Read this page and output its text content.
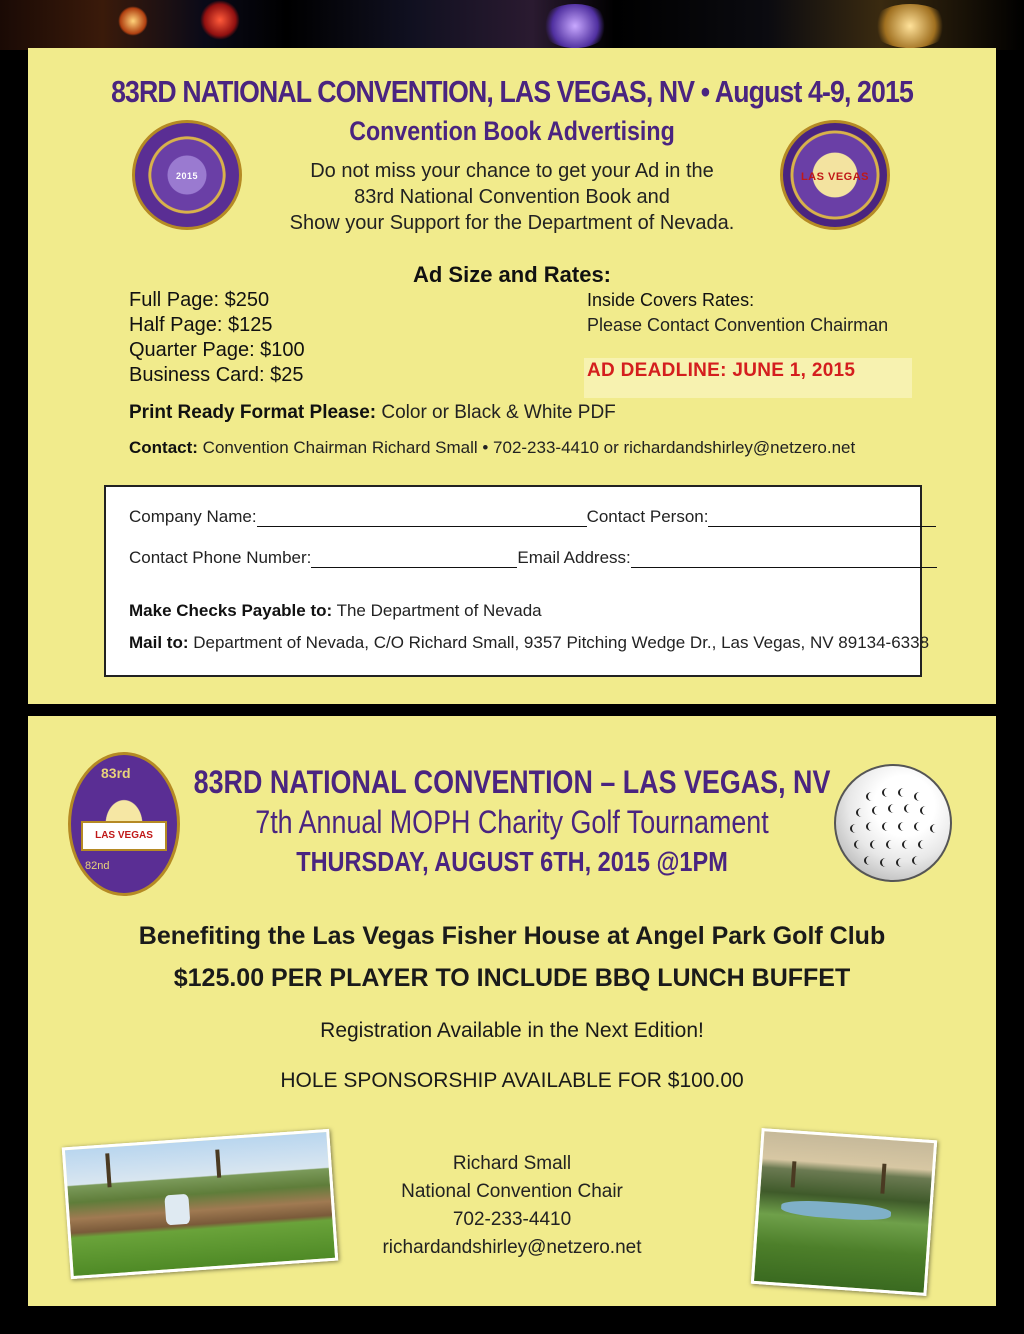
2015	LAS VEGAS
83RD NATIONAL CONVENTION, LAS VEGAS, NV • August 4-9, 2015
Convention Book Advertising
Do not miss your chance to get your Ad in the
83rd National Convention Book and
Show your Support for the Department of Nevada.
Ad Size and Rates:
Full Page: $250
Half Page: $125
Quarter Page: $100
Business Card: $25
Inside Covers Rates:
Please Contact Convention Chairman
AD DEADLINE: JUNE 1, 2015
Print Ready Format Please: Color or Black & White PDF
Contact: Convention Chairman Richard Small • 702-233-4410 or richardandshirley@netzero.net
Company Name:	Contact Person:
Contact Phone Number:	Email Address:
Make Checks Payable to: The Department of Nevada
Mail to: Department of Nevada, C/O Richard Small, 9357 Pitching Wedge Dr., Las Vegas, NV 89134-6338
83rd
LAS VEGAS
82nd
83RD NATIONAL CONVENTION – LAS VEGAS, NV
7th Annual MOPH Charity Golf Tournament
THURSDAY, AUGUST 6TH, 2015 @1PM
Benefiting the Las Vegas Fisher House at Angel Park Golf Club
$125.00 PER PLAYER TO INCLUDE BBQ LUNCH BUFFET
Registration Available in the Next Edition!
HOLE SPONSORSHIP AVAILABLE FOR $100.00
Richard Small
National Convention Chair
702-233-4410
richardandshirley@netzero.net
